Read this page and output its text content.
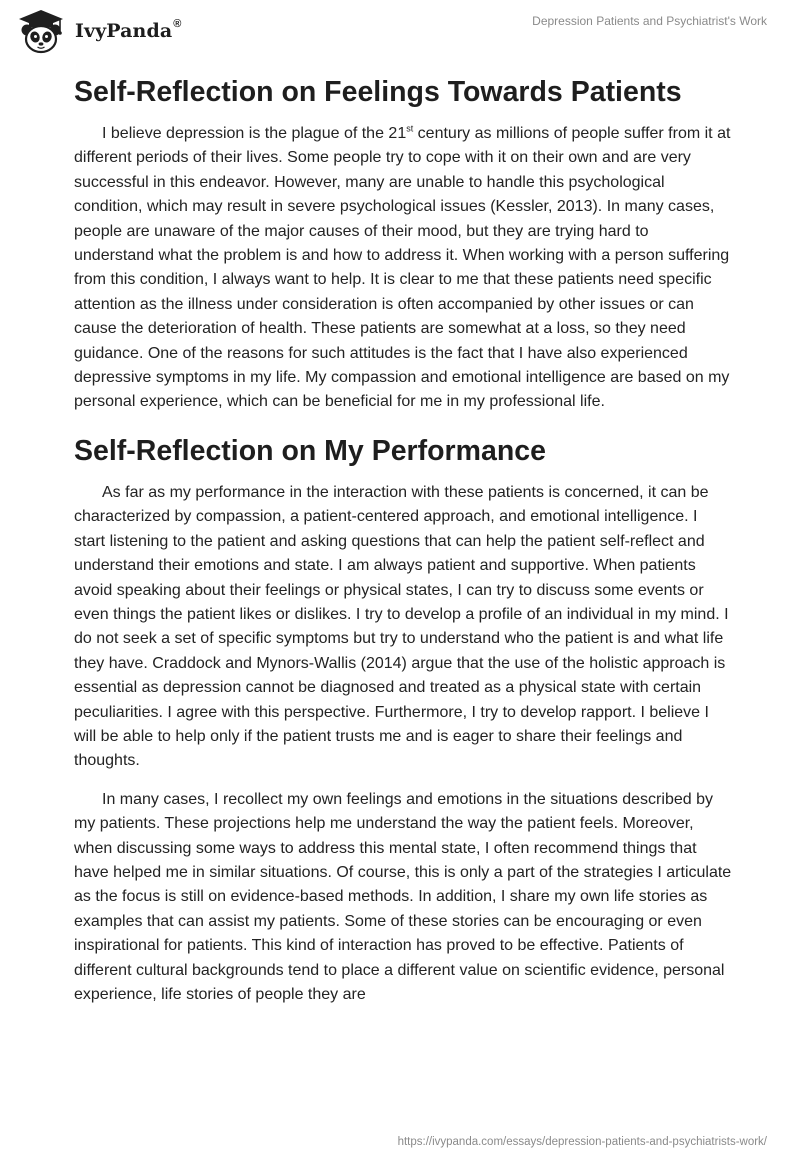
IvyPanda®	Depression Patients and Psychiatrist's Work
Self-Reflection on Feelings Towards Patients

I believe depression is the plague of the 21st century as millions of people suffer from it at different periods of their lives. Some people try to cope with it on their own and are very successful in this endeavor. However, many are unable to handle this psychological condition, which may result in severe psychological issues (Kessler, 2013). In many cases, people are unaware of the major causes of their mood, but they are trying hard to understand what the problem is and how to address it. When working with a person suffering from this condition, I always want to help. It is clear to me that these patients need specific attention as the illness under consideration is often accompanied by other issues or can cause the deterioration of health. These patients are somewhat at a loss, so they need guidance. One of the reasons for such attitudes is the fact that I have also experienced depressive symptoms in my life. My compassion and emotional intelligence are based on my personal experience, which can be beneficial for me in my professional life.

Self-Reflection on My Performance

As far as my performance in the interaction with these patients is concerned, it can be characterized by compassion, a patient-centered approach, and emotional intelligence. I start listening to the patient and asking questions that can help the patient self-reflect and understand their emotions and state. I am always patient and supportive. When patients avoid speaking about their feelings or physical states, I can try to discuss some events or even things the patient likes or dislikes. I try to develop a profile of an individual in my mind. I do not seek a set of specific symptoms but try to understand who the patient is and what life they have. Craddock and Mynors-Wallis (2014) argue that the use of the holistic approach is essential as depression cannot be diagnosed and treated as a physical state with certain peculiarities. I agree with this perspective. Furthermore, I try to develop rapport. I believe I will be able to help only if the patient trusts me and is eager to share their feelings and thoughts.

In many cases, I recollect my own feelings and emotions in the situations described by my patients. These projections help me understand the way the patient feels. Moreover, when discussing some ways to address this mental state, I often recommend things that have helped me in similar situations. Of course, this is only a part of the strategies I articulate as the focus is still on evidence-based methods. In addition, I share my own life stories as examples that can assist my patients. Some of these stories can be encouraging or even inspirational for patients. This kind of interaction has proved to be effective. Patients of different cultural backgrounds tend to place a different value on scientific evidence, personal experience, life stories of people they are

https://ivypanda.com/essays/depression-patients-and-psychiatrists-work/
